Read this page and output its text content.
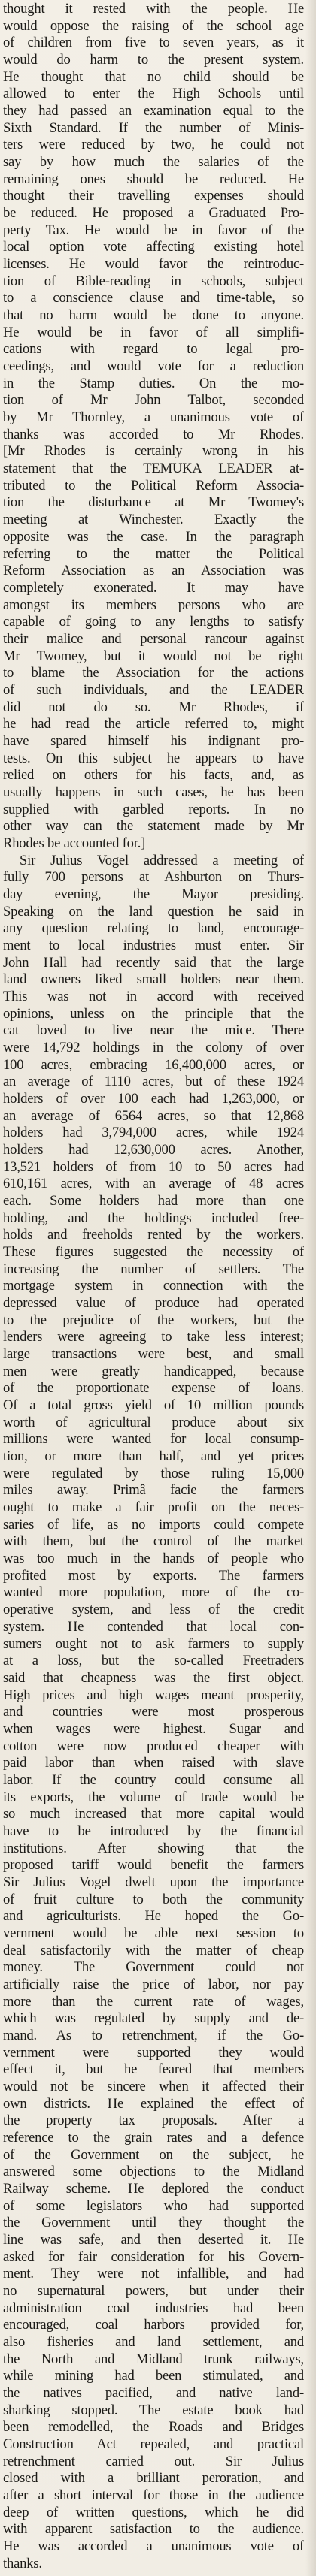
thought it rested with the people. He
would oppose the raising of the school age
of children from five to seven years, as it
would do harm to the present system.
He thought that no child should be
allowed to enter the High Schools until
they had passed an examination equal to the
Sixth Standard. If the number of Minis-
ters were reduced by two, he could not
say by how much the salaries of the
remaining ones should be reduced. He
thought their travelling expenses should
be reduced. He proposed a Graduated Pro-
perty Tax. He would be in favor of the
local option vote affecting existing hotel
licenses. He would favor the reintroduc-
tion of Bible-reading in schools, subject
to a conscience clause and time-table, so
that no harm would be done to anyone.
He would be in favor of all simplifi-
cations with regard to legal pro-
ceedings, and would vote for a reduction
in the Stamp duties. On the mo-
tion of Mr John Talbot, seconded
by Mr Thornley, a unanimous vote of
thanks was accorded to Mr Rhodes.
[Mr Rhodes is certainly wrong in his
statement that the TEMUKA LEADER at-
tributed to the Political Reform Associa-
tion the disturbance at Mr Twomey's
meeting at Winchester. Exactly the
opposite was the case. In the paragraph
referring to the matter the Political
Reform Association as an Association was
completely exonerated. It may have
amongst its members persons who are
capable of going to any lengths to satisfy
their malice and personal rancour against
Mr Twomey, but it would not be right
to blame the Association for the actions
of such individuals, and the LEADER
did not do so. Mr Rhodes, if
he had read the article referred to, might
have spared himself his indignant pro-
tests. On this subject he appears to have
relied on others for his facts, and, as
usually happens in such cases, he has been
supplied with garbled reports. In no
other way can the statement made by Mr
Rhodes be accounted for.]
Sir Julius Vogel addressed a meeting of
fully 700 persons at Ashburton on Thurs-
day evening, the Mayor presiding.
Speaking on the land question he said in
any question relating to land, encourage-
ment to local industries must enter. Sir
John Hall had recently said that the large
land owners liked small holders near them.
This was not in accord with received
opinions, unless on the principle that the
cat loved to live near the mice. There
were 14,792 holdings in the colony of over
100 acres, embracing 16,400,000 acres, or
an average of 1110 acres, but of these 1924
holders of over 100 each had 1,263,000, or
an average of 6564 acres, so that 12,868
holders had 3,794,000 acres, while 1924
holders had 12,630,000 acres. Another,
13,521 holders of from 10 to 50 acres had
610,161 acres, with an average of 48 acres
each. Some holders had more than one
holding, and the holdings included free-
holds and freeholds rented by the workers.
These figures suggested the necessity of
increasing the number of settlers. The
mortgage system in connection with the
depressed value of produce had operated
to the prejudice of the workers, but the
lenders were agreeing to take less interest;
large transactions were best, and small
men were greatly handicapped, because
of the proportionate expense of loans.
Of a total gross yield of 10 million pounds
worth of agricultural produce about six
millions were wanted for local consump-
tion, or more than half, and yet prices
were regulated by those ruling 15,000
miles away. Primâ facie the farmers
ought to make a fair profit on the neces-
saries of life, as no imports could compete
with them, but the control of the market
was too much in the hands of people who
profited most by exports. The farmers
wanted more population, more of the co-
operative system, and less of the credit
system. He contended that local con-
sumers ought not to ask farmers to supply
at a loss, but the so-called Freetraders
said that cheapness was the first object.
High prices and high wages meant prosperity,
and countries were most prosperous
when wages were highest. Sugar and
cotton were now produced cheaper with
paid labor than when raised with slave
labor. If the country could consume all
its exports, the volume of trade would be
so much increased that more capital would
have to be introduced by the financial
institutions. After showing that the
proposed tariff would benefit the farmers
Sir Julius Vogel dwelt upon the importance
of fruit culture to both the community
and agriculturists. He hoped the Go-
vernment would be able next session to
deal satisfactorily with the matter of cheap
money. The Government could not
artificially raise the price of labor, nor pay
more than the current rate of wages,
which was regulated by supply and de-
mand. As to retrenchment, if the Go-
vernment were supported they would
effect it, but he feared that members
would not be sincere when it affected their
own districts. He explained the effect of
the property tax proposals. After a
reference to the grain rates and a defence
of the Government on the subject, he
answered some objections to the Midland
Railway scheme. He deplored the conduct
of some legislators who had supported
the Government until they thought the
line was safe, and then deserted it. He
asked for fair consideration for his Govern-
ment. They were not infallible, and had
no supernatural powers, but under their
administration coal industries had been
encouraged, coal harbors provided for,
also fisheries and land settlement, and
the North and Midland trunk railways,
while mining had been stimulated, and
the natives pacified, and native land-
sharking stopped. The estate book had
been remodelled, the Roads and Bridges
Construction Act repealed, and practical
retrenchment carried out. Sir Julius
closed with a brilliant peroration, and
after a short interval for those in the audience
deep of written questions, which he did
with apparent satisfaction to the audience.
He was accorded a unanimous vote of
thanks.
